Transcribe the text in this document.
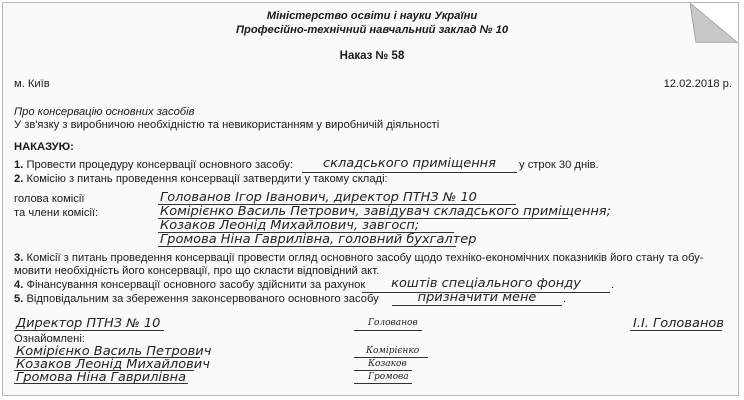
Міністерство освіти і науки України
Професійно-технічний навчальний заклад № 10
Наказ № 58
м. Київ	12.02.2018 р.
Про консервацію основних засобів
У зв'язку з виробничою необхідністю та невикористанням у виробничій діяльності
НАКАЗУЮ:
1. Провести процедуру консервації основного засобу:	складського приміщення	у строк 30 днів.
2. Комісію з питань проведення консервації затвердити у такому складі:
голова комісії
та члени комісії:
Голованов Ігор Іванович, директор ПТНЗ № 10
Комірієнко Василь Петрович, завідувач складського приміщення;
Козаков Леонід Михайлович, завгосп;
Громова Ніна Гаврилівна, головний бухгалтер
3. Комісії з питань проведення консервації провести огляд основного засобу щодо техніко-економічних показників його стану та обу-
мовити необхідність його консервації, про що скласти відповідний акт.
4. Фінансування консервації основного засобу здійснити за рахунок	коштів спеціального фонду	.
5. Відповідальним за збереження законсервованого основного засобу	призначити мене	.
Директор ПТНЗ № 10	Голованов	І.І. Голованов
Ознайомлені:
Комірієнко Василь Петрович	Комірієнко
Козаков Леонід Михайлович	Козаков
Громова Ніна Гаврилівна	Громова
